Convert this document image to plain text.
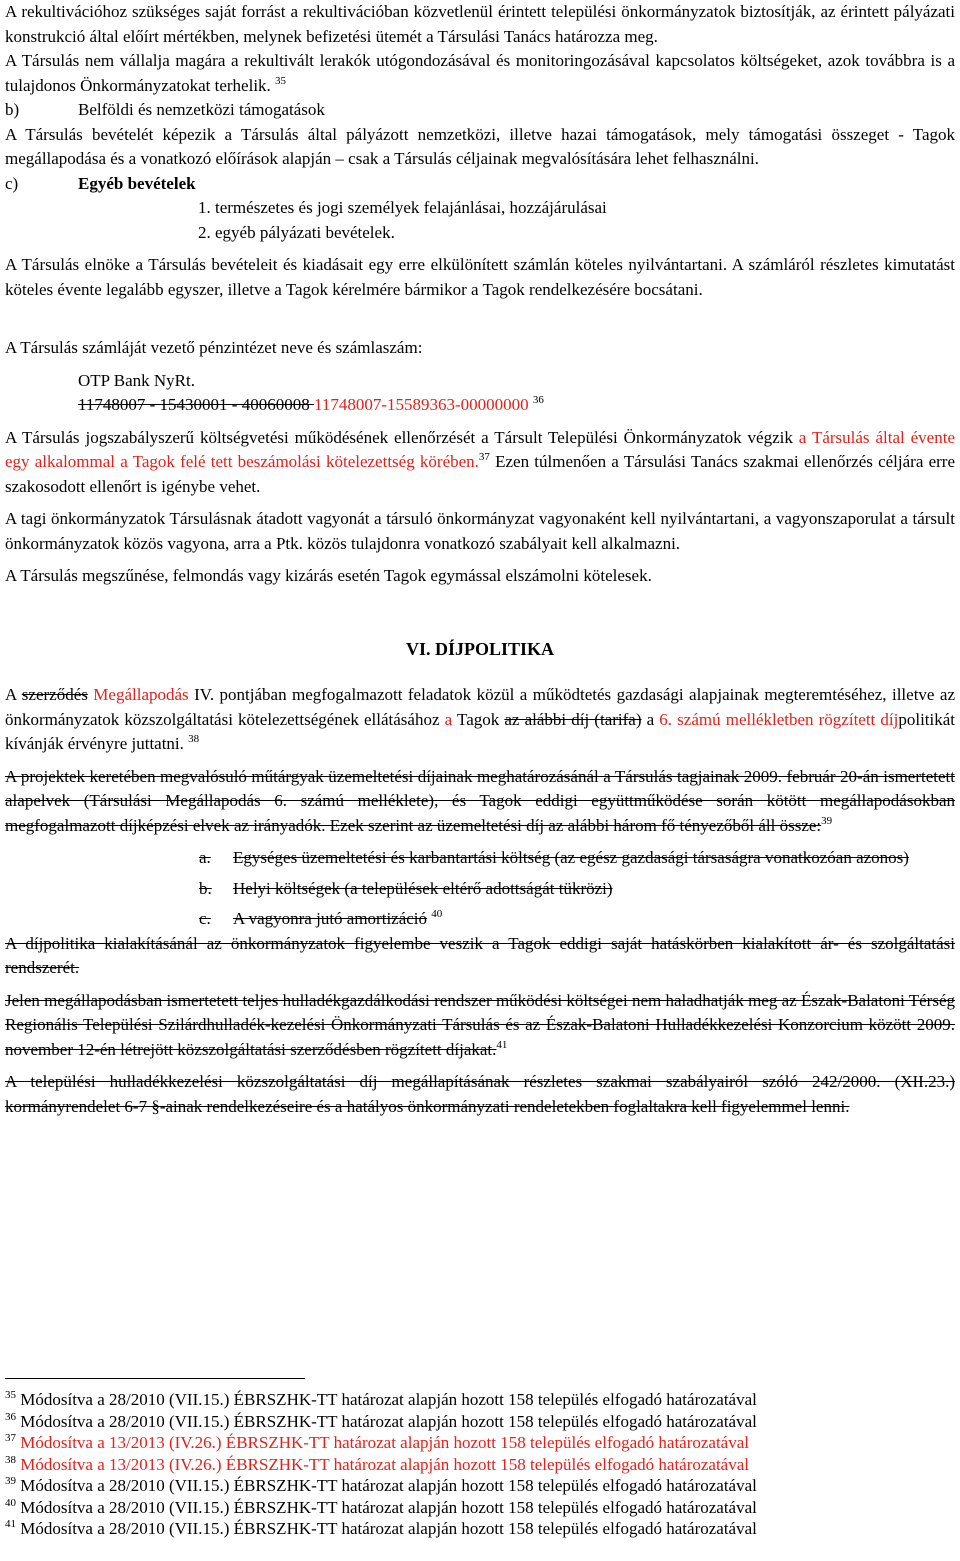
A rekultivációhoz szükséges saját forrást a rekultivációban közvetlenül érintett települési önkormányzatok biztosítják, az érintett pályázati konstrukció által előírt mértékben, melynek befizetési ütemét a Társulási Tanács határozza meg.

A Társulás nem vállalja magára a rekultivált lerakók utógondozásával és monitoringozásával kapcsolatos költségeket, azok továbbra is a tulajdonos Önkormányzatokat terhelik. $^{35}$

b)	Belföldi és nemzetközi támogatások

A Társulás bevételét képezik a Társulás által pályázott nemzetközi, illetve hazai támogatások, mely támogatási összeget - Tagok megállapodása és a vonatkozó előírások alapján – csak a Társulás céljainak megvalósítására lehet felhasználni.

c)	Egyéb bevételek
1. természetes és jogi személyek felajánlásai, hozzájárulásai
2. egyéb pályázati bevételek.

A Társulás elnöke a Társulás bevételeit és kiadásait egy erre elkülönített számlán köteles nyilvántartani. A számláról részletes kimutatást köteles évente legalább egyszer, illetve a Tagok kérelmére bármikor a Tagok rendelkezésére bocsátani.

A Társulás számláját vezető pénzintézet neve és számlaszám:

OTP Bank NyRt.
11748007 - 15430001 - 40060008 11748007-15589363-00000000 $^{36}$

A Társulás jogszabályszerű költségvetési működésének ellenőrzését a Társult Települési Önkormányzatok végzik a Társulás által évente egy alkalommal a Tagok felé tett beszámolási kötelezettség körében.$^{37}$ Ezen túlmenően a Társulási Tanács szakmai ellenőrzés céljára erre szakosodott ellenőrt is igénybe vehet.

A tagi önkormányzatok Társulásnak átadott vagyonát a társuló önkormányzat vagyonaként kell nyilvántartani, a vagyonszaporulat a társult önkormányzatok közös vagyona, arra a Ptk. közös tulajdonra vonatkozó szabályait kell alkalmazni.

A Társulás megszűnése, felmondás vagy kizárás esetén Tagok egymással elszámolni kötelesek.

VI. DÍJPOLITIKA

A szerződés Megállapodás IV. pontjában megfogalmazott feladatok közül a működtetés gazdasági alapjainak megteremtéséhez, illetve az önkormányzatok közszolgáltatási kötelezettségének ellátásához a Tagok az alábbi díj (tarifa) a 6. számú mellékletben rögzített díjpolitikát kívánják érvényre juttatni. $^{38}$

A projektek keretében megvalósuló műtárgyak üzemeltetési díjainak meghatározásánál a Társulás tagjainak 2009. február 20-án ismertetett alapelvek (Társulási Megállapodás 6. számú melléklete), és Tagok eddigi együttműködése során kötött megállapodásokban megfogalmazott díjképzési elvek az irányadók. Ezek szerint az üzemeltetési díj az alábbi három fő tényezőből áll össze:$^{39}$

a.	Egységes üzemeltetési és karbantartási költség (az egész gazdasági társaságra vonatkozóan azonos)
b.	Helyi költségek (a települések eltérő adottságát tükrözi)
c.	A vagyonra jutó amortizáció $^{40}$

A díjpolitika kialakításánál az önkormányzatok figyelembe veszik a Tagok eddigi saját hatáskörben kialakított ár- és szolgáltatási rendszerét.

Jelen megállapodásban ismertetett teljes hulladékgazdálkodási rendszer működési költségei nem haladhatják meg az Észak-Balatoni Térség Regionális Települési Szilárdhulladék-kezelési Önkormányzati Társulás és az Észak-Balatoni Hulladékkezelési Konzorcium között 2009. november 12-én létrejött közszolgáltatási szerződésben rögzített díjakat.$^{41}$

A települési hulladékkezelési közszolgáltatási díj megállapításának részletes szakmai szabályairól szóló 242/2000. (XII.23.) kormányrendelet 6-7 §-ainak rendelkezéseire és a hatályos önkormányzati rendeletekben foglaltakra kell figyelemmel lenni.

$^{35}$ Módosítva a 28/2010 (VII.15.) ÉBRSZHK-TT határozat alapján hozott 158 település elfogadó határozatával
$^{36}$ Módosítva a 28/2010 (VII.15.) ÉBRSZHK-TT határozat alapján hozott 158 település elfogadó határozatával
$^{37}$ Módosítva a 13/2013 (IV.26.) ÉBRSZHK-TT határozat alapján hozott 158 település elfogadó határozatával
$^{38}$ Módosítva a 13/2013 (IV.26.) ÉBRSZHK-TT határozat alapján hozott 158 település elfogadó határozatával
$^{39}$ Módosítva a 28/2010 (VII.15.) ÉBRSZHK-TT határozat alapján hozott 158 település elfogadó határozatával
$^{40}$ Módosítva a 28/2010 (VII.15.) ÉBRSZHK-TT határozat alapján hozott 158 település elfogadó határozatával
$^{41}$ Módosítva a 28/2010 (VII.15.) ÉBRSZHK-TT határozat alapján hozott 158 település elfogadó határozatával
